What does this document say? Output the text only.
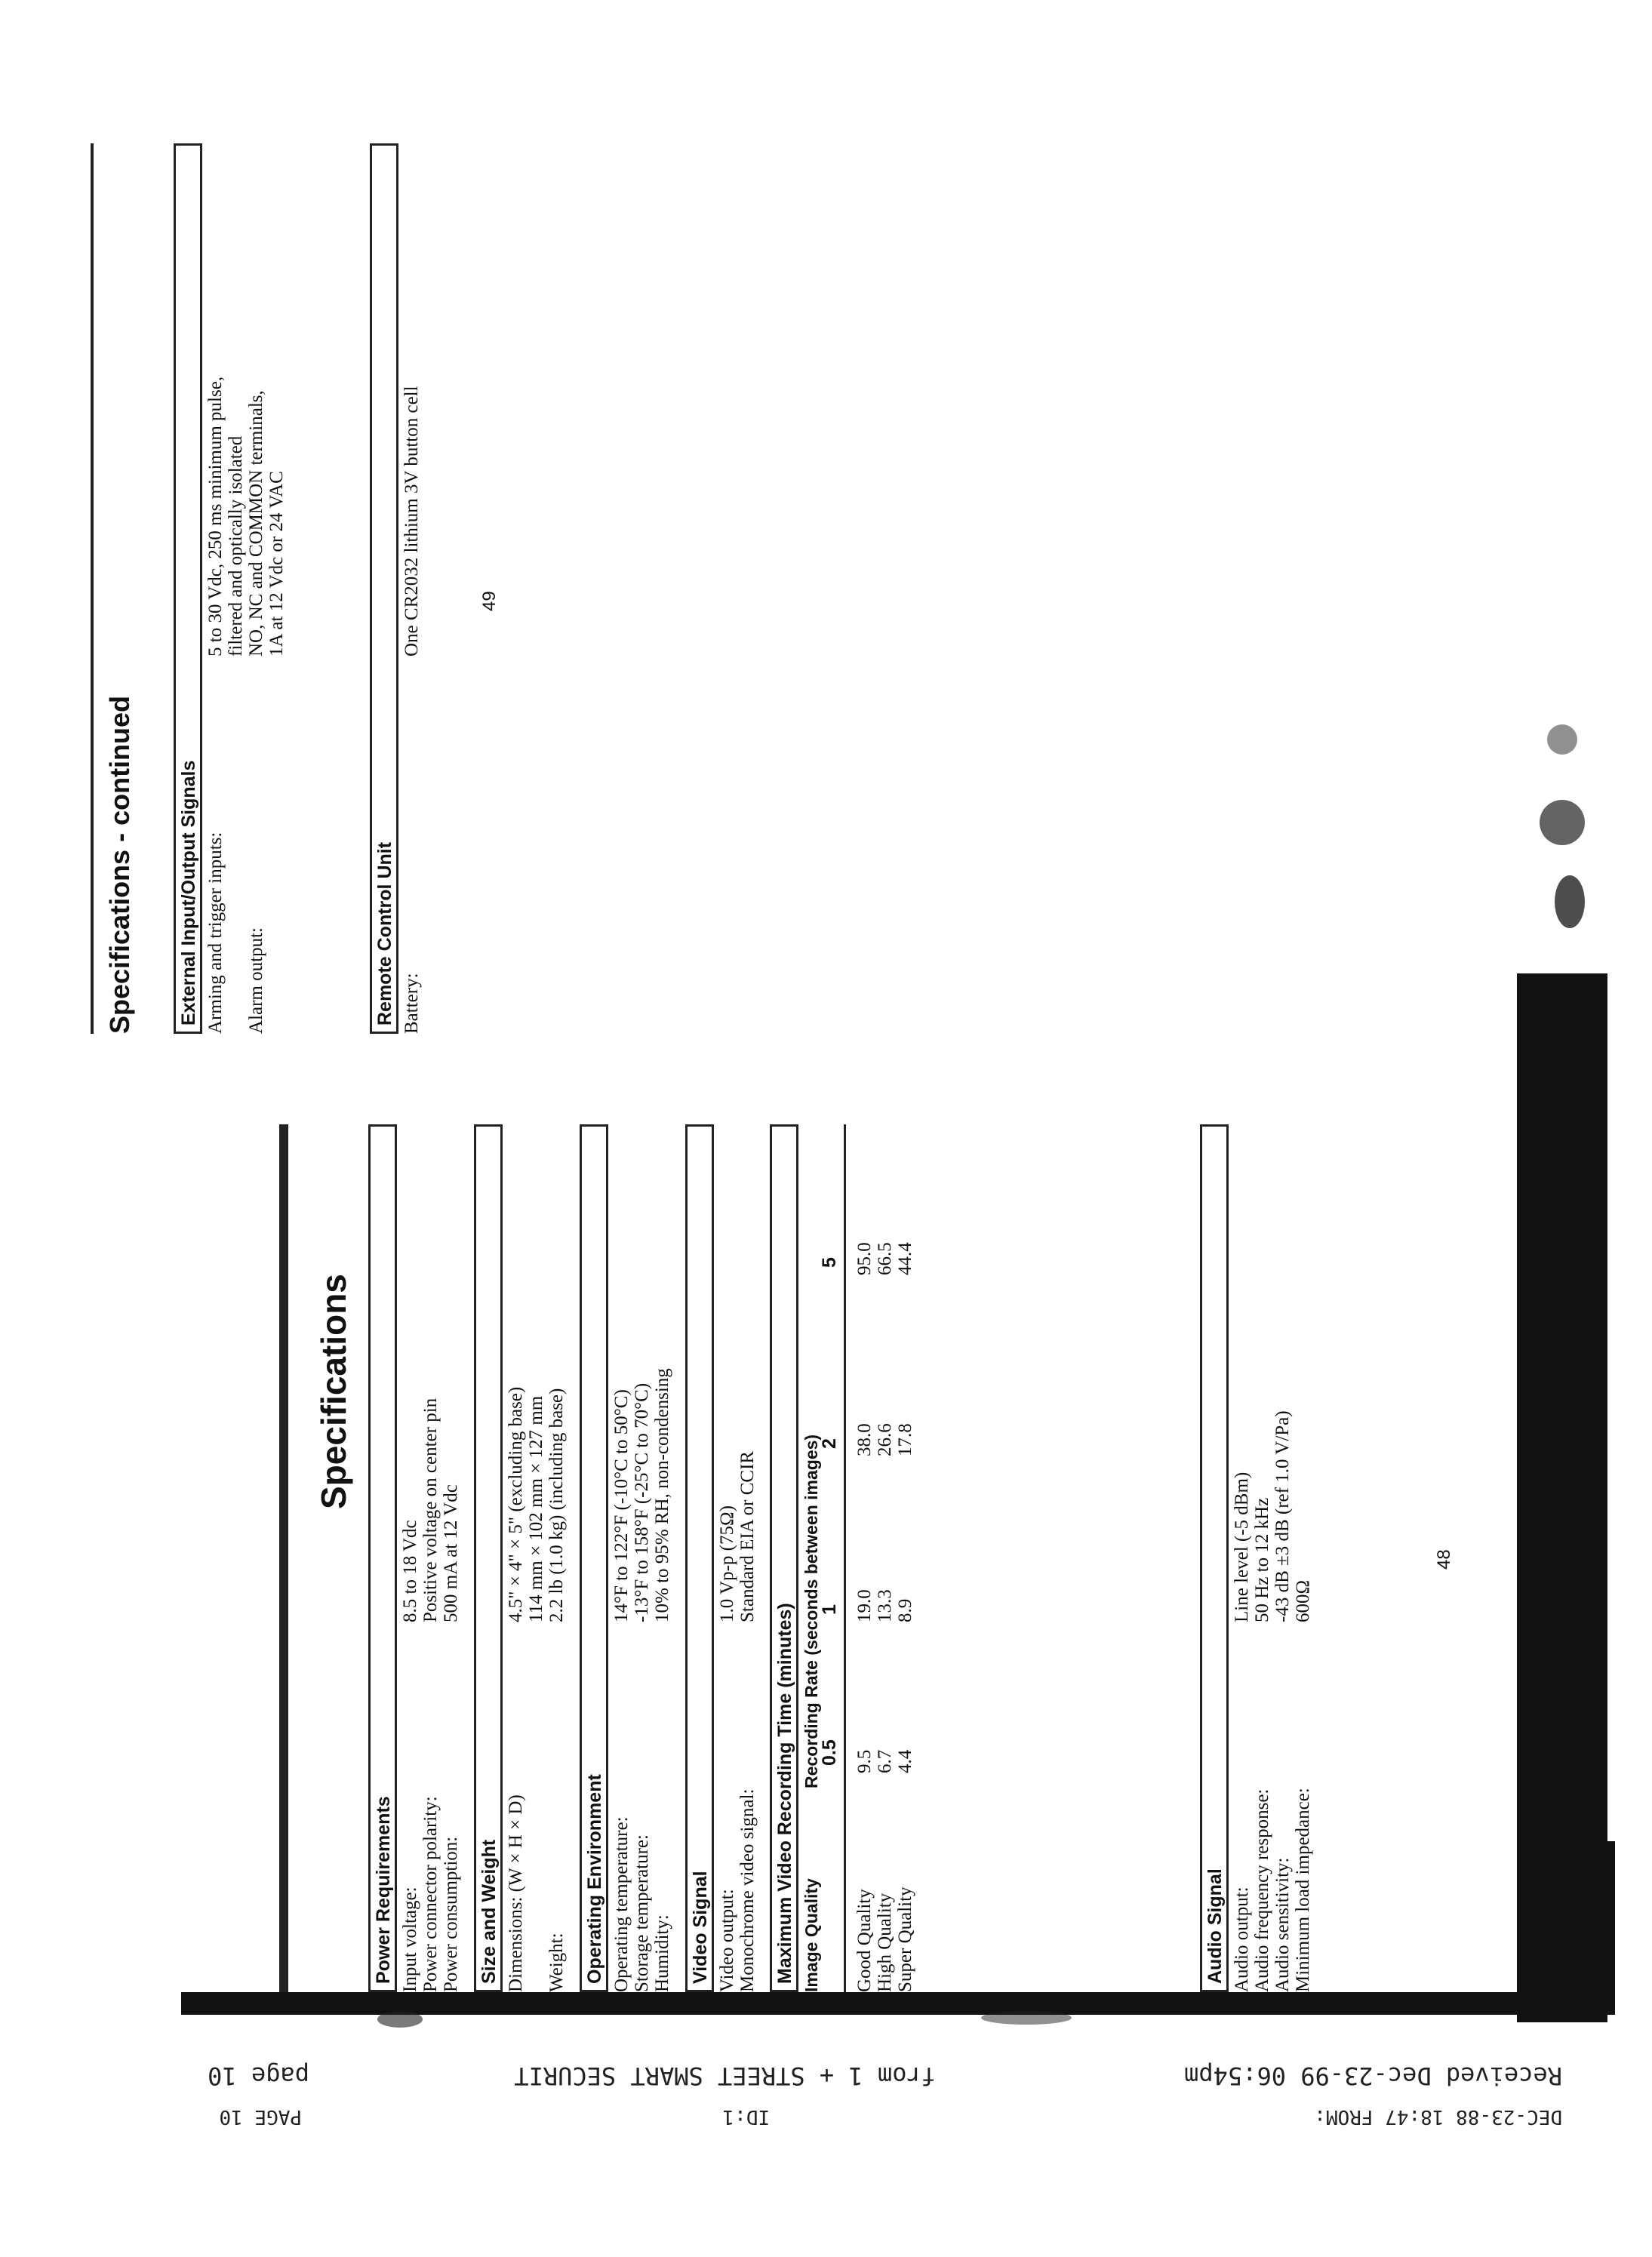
Received Dec-23-99 06:54pm
DEC-23-88 18:47 FROM:
from 1 + STREET SMART SECURIT
ID:1
page 10
PAGE 10
Specifications
Power Requirements Input voltage:
8.5 to 18 Vdc
Power connector polarity:
Positive voltage on center pin
Power consumption:
500 mA at 12 Vdc
Size and Weight Dimensions: (W × H × D)
4.5" × 4" × 5" (excluding base) 114 mm × 102 mm × 127 mm
Weight:
2.2 lb (1.0 kg) (including base)
Operating Environment Operating temperature:
14°F to 122°F (-10°C to 50°C)
Storage temperature:
-13°F to 158°F (-25°C to 70°C)
Humidity:
10% to 95% RH, non-condensing
Video Signal Video output:
1.0 Vp-p (75Ω)
Monochrome video signal:
Standard EIA or CCIR
Maximum Video Recording Time (minutes) Image Quality
Recording Rate (seconds between images)
0.5
1
2
5
Good Quality
9.5
19.0
38.0
95.0
High Quality
6.7
13.3
26.6
66.5
Super Quality
4.4
8.9
17.8
44.4
Audio Signal Audio output:
Line level (-5 dBm)
Audio frequency response:
50 Hz to 12 kHz
Audio sensitivity:
-43 dB ±3 dB (ref 1.0 V/Pa)
Minimum load impedance:
600Ω
48
Specifications - continued External Input/Output Signals Arming and trigger inputs:
5 to 30 Vdc, 250 ms minimum pulse, filtered and optically isolated
Alarm output:
NO, NC and COMMON terminals, 1A at 12 Vdc or 24 VAC
Remote Control Unit Battery:
One CR2032 lithium 3V button cell	49
